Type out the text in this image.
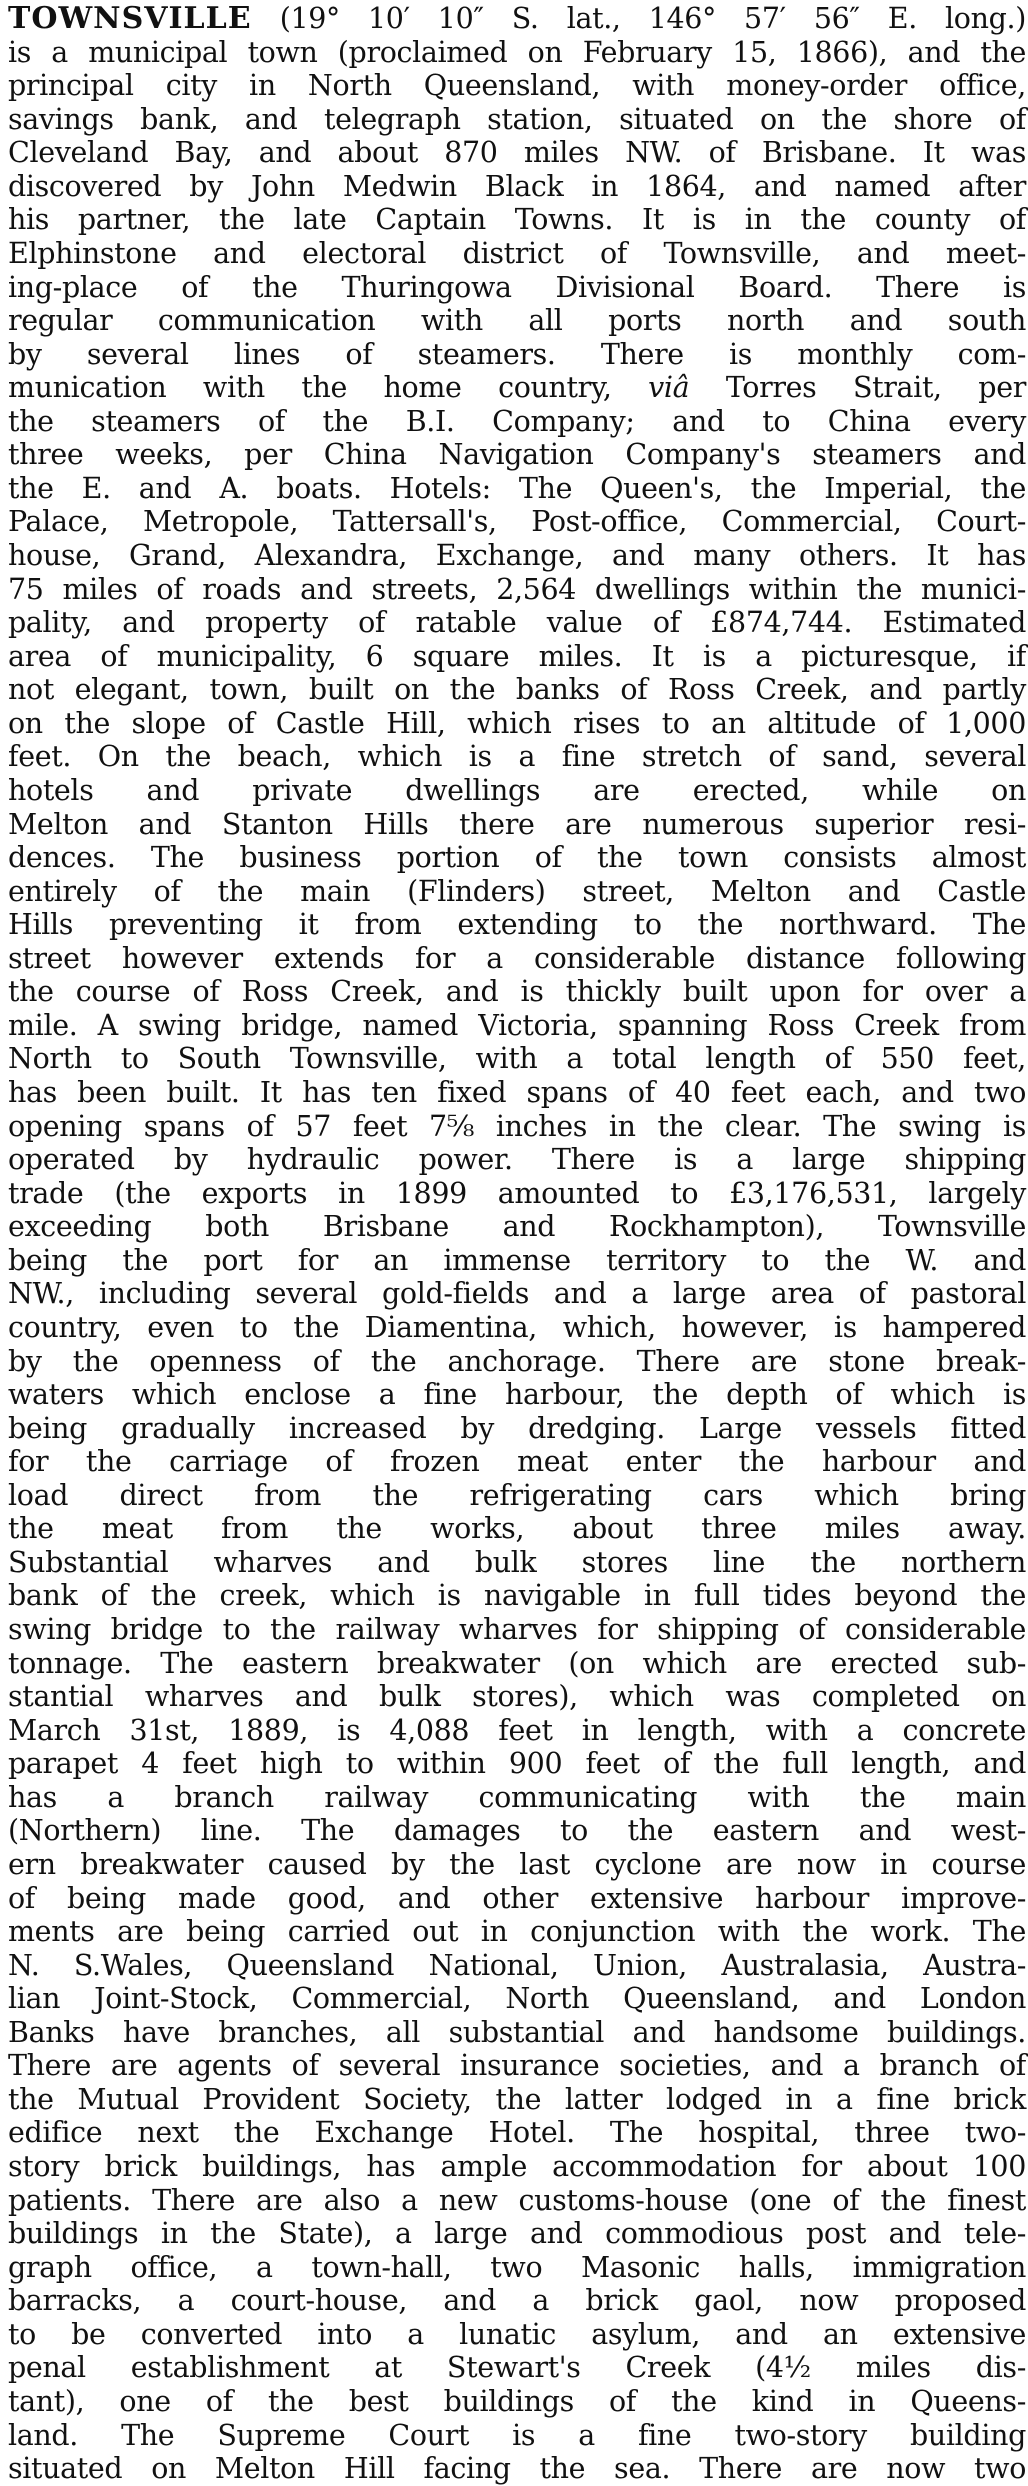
TOWNSVILLE (19° 10′ 10″ S. lat., 146° 57′ 56″ E. long.)
is a municipal town (proclaimed on February 15, 1866), and the
principal city in North Queensland, with money-order office,
savings bank, and telegraph station, situated on the shore of
Cleveland Bay, and about 870 miles NW. of Brisbane. It was
discovered by John Medwin Black in 1864, and named after
his partner, the late Captain Towns. It is in the county of
Elphinstone and electoral district of Townsville, and meet-
ing-place of the Thuringowa Divisional Board. There is
regular communication with all ports north and south
by several lines of steamers. There is monthly com-
munication with the home country, viâ Torres Strait, per
the steamers of the B.I. Company; and to China every
three weeks, per China Navigation Company's steamers and
the E. and A. boats. Hotels: The Queen's, the Imperial, the
Palace, Metropole, Tattersall's, Post-office, Commercial, Court-
house, Grand, Alexandra, Exchange, and many others. It has
75 miles of roads and streets, 2,564 dwellings within the munici-
pality, and property of ratable value of £874,744. Estimated
area of municipality, 6 square miles. It is a picturesque, if
not elegant, town, built on the banks of Ross Creek, and partly
on the slope of Castle Hill, which rises to an altitude of 1,000
feet. On the beach, which is a fine stretch of sand, several
hotels and private dwellings are erected, while on
Melton and Stanton Hills there are numerous superior resi-
dences. The business portion of the town consists almost
entirely of the main (Flinders) street, Melton and Castle
Hills preventing it from extending to the northward. The
street however extends for a considerable distance following
the course of Ross Creek, and is thickly built upon for over a
mile. A swing bridge, named Victoria, spanning Ross Creek from
North to South Townsville, with a total length of 550 feet,
has been built. It has ten fixed spans of 40 feet each, and two
opening spans of 57 feet 7⅝ inches in the clear. The swing is
operated by hydraulic power. There is a large shipping
trade (the exports in 1899 amounted to £3,176,531, largely
exceeding both Brisbane and Rockhampton), Townsville
being the port for an immense territory to the W. and
NW., including several gold-fields and a large area of pastoral
country, even to the Diamentina, which, however, is hampered
by the openness of the anchorage. There are stone break-
waters which enclose a fine harbour, the depth of which is
being gradually increased by dredging. Large vessels fitted
for the carriage of frozen meat enter the harbour and
load direct from the refrigerating cars which bring
the meat from the works, about three miles away.
Substantial wharves and bulk stores line the northern
bank of the creek, which is navigable in full tides beyond the
swing bridge to the railway wharves for shipping of considerable
tonnage. The eastern breakwater (on which are erected sub-
stantial wharves and bulk stores), which was completed on
March 31st, 1889, is 4,088 feet in length, with a concrete
parapet 4 feet high to within 900 feet of the full length, and
has a branch railway communicating with the main
(Northern) line. The damages to the eastern and west-
ern breakwater caused by the last cyclone are now in course
of being made good, and other extensive harbour improve-
ments are being carried out in conjunction with the work. The
N. S.Wales, Queensland National, Union, Australasia, Austra-
lian Joint-Stock, Commercial, North Queensland, and London
Banks have branches, all substantial and handsome buildings.
There are agents of several insurance societies, and a branch of
the Mutual Provident Society, the latter lodged in a fine brick
edifice next the Exchange Hotel. The hospital, three two-
story brick buildings, has ample accommodation for about 100
patients. There are also a new customs-house (one of the finest
buildings in the State), a large and commodious post and tele-
graph office, a town-hall, two Masonic halls, immigration
barracks, a court-house, and a brick gaol, now proposed
to be converted into a lunatic asylum, and an extensive
penal establishment at Stewart's Creek (4½ miles dis-
tant), one of the best buildings of the kind in Queens-
land. The Supreme Court is a fine two-story building
situated on Melton Hill facing the sea. There are now two
